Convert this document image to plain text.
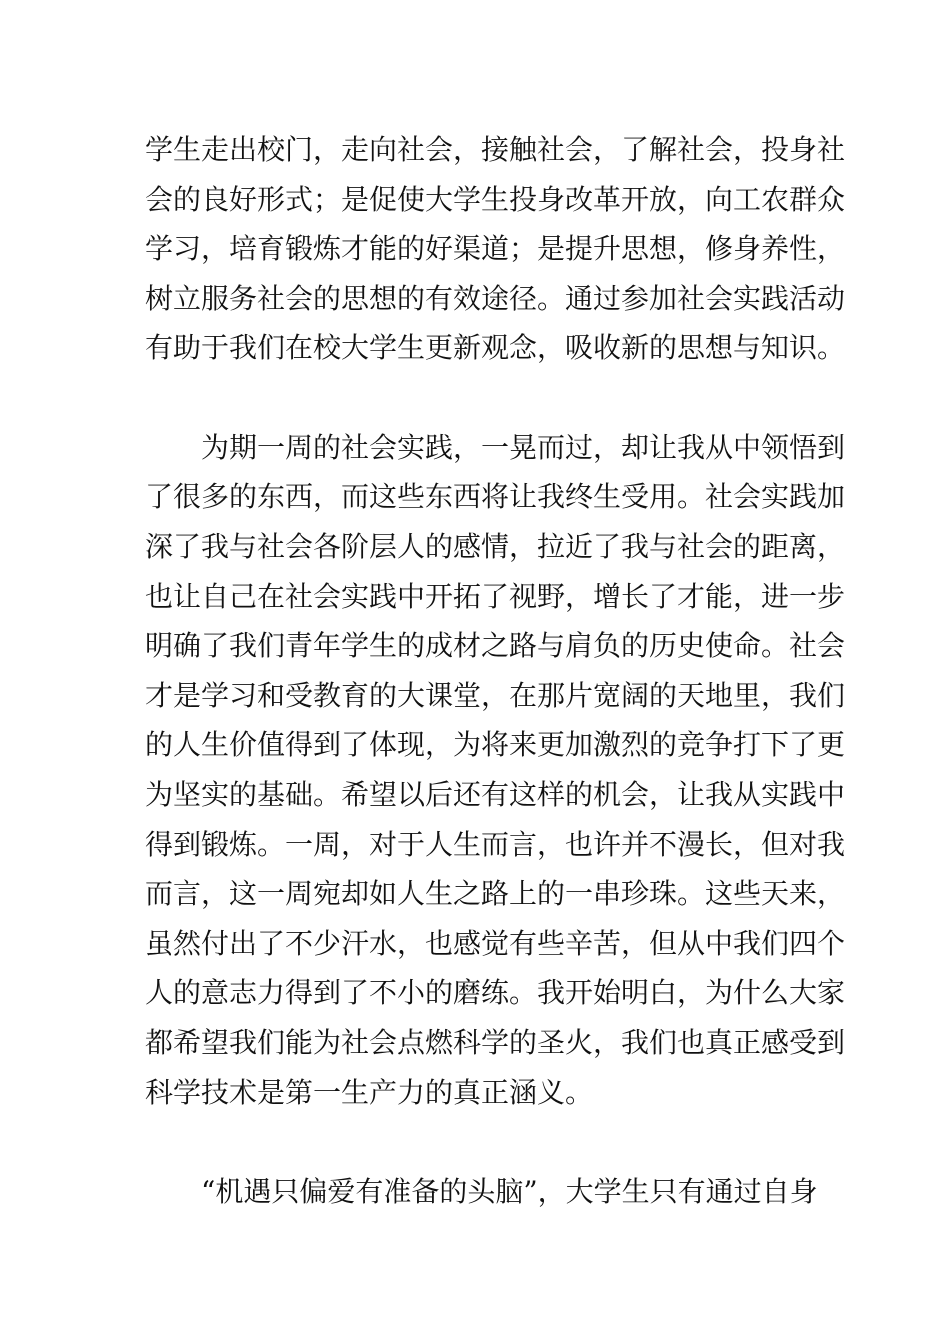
学生走出校门，走向社会，接触社会，了解社会，投身社
会的良好形式；是促使大学生投身改革开放，向工农群众
学习，培育锻炼才能的好渠道；是提升思想，修身养性，
树立服务社会的思想的有效途径。通过参加社会实践活动
有助于我们在校大学生更新观念，吸收新的思想与知识。
为期一周的社会实践，一晃而过，却让我从中领悟到
了很多的东西，而这些东西将让我终生受用。社会实践加
深了我与社会各阶层人的感情，拉近了我与社会的距离，
也让自己在社会实践中开拓了视野，增长了才能，进一步
明确了我们青年学生的成材之路与肩负的历史使命。社会
才是学习和受教育的大课堂，在那片宽阔的天地里，我们
的人生价值得到了体现，为将来更加激烈的竞争打下了更
为坚实的基础。希望以后还有这样的机会，让我从实践中
得到锻炼。一周，对于人生而言，也许并不漫长，但对我
而言，这一周宛却如人生之路上的一串珍珠。这些天来，
虽然付出了不少汗水，也感觉有些辛苦，但从中我们四个
人的意志力得到了不小的磨练。我开始明白，为什么大家
都希望我们能为社会点燃科学的圣火，我们也真正感受到
科学技术是第一生产力的真正涵义。
“机遇只偏爱有准备的头脑”，大学生只有通过自身
